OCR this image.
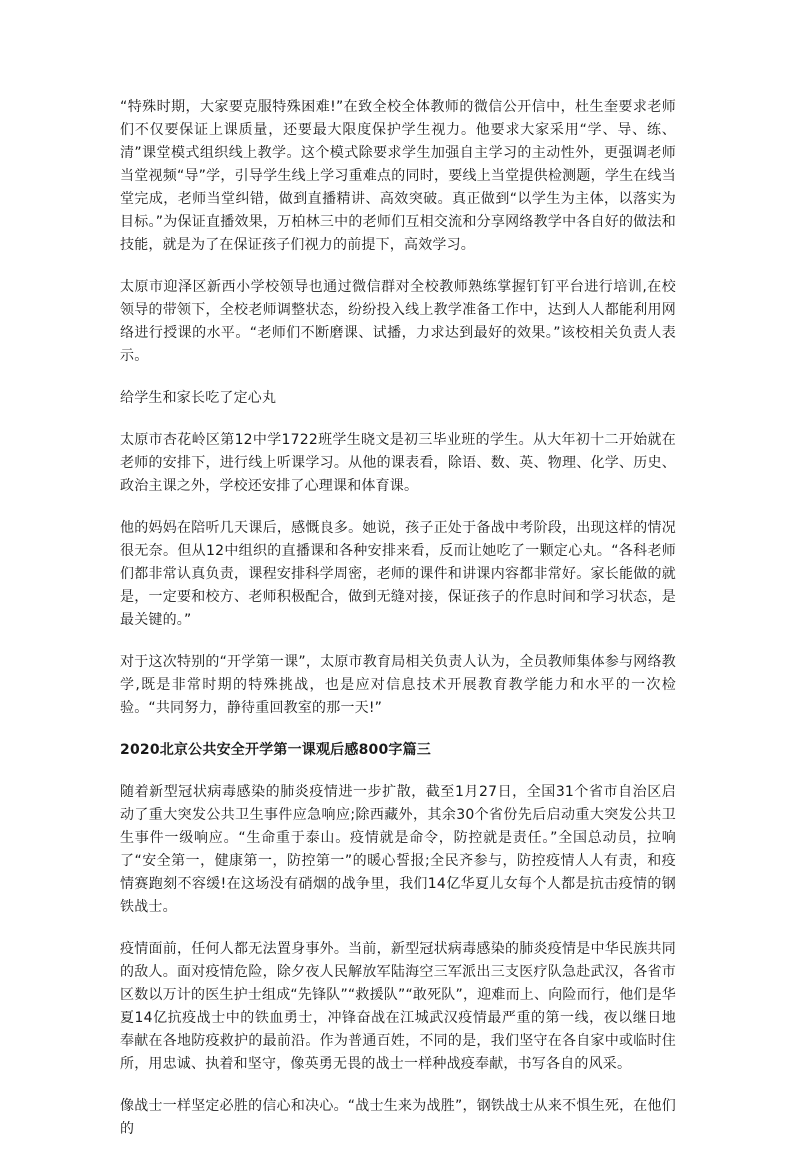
“特殊时期，大家要克服特殊困难!”在致全校全体教师的微信公开信中，杜生奎要求老师们不仅要保证上课质量，还要最大限度保护学生视力。他要求大家采用“学、导、练、清”课堂模式组织线上教学。这个模式除要求学生加强自主学习的主动性外，更强调老师当堂视频“导”学，引导学生线上学习重难点的同时，要线上当堂提供检测题，学生在线当堂完成，老师当堂纠错，做到直播精讲、高效突破。真正做到“以学生为主体，以落实为目标。”为保证直播效果，万柏林三中的老师们互相交流和分享网络教学中各自好的做法和技能，就是为了在保证孩子们视力的前提下，高效学习。

太原市迎泽区新西小学校领导也通过微信群对全校教师熟练掌握钉钉平台进行培训,在校领导的带领下，全校老师调整状态，纷纷投入线上教学准备工作中，达到人人都能利用网络进行授课的水平。“老师们不断磨课、试播，力求达到最好的效果。”该校相关负责人表示。

给学生和家长吃了定心丸

太原市杏花岭区第12中学1722班学生晓文是初三毕业班的学生。从大年初十二开始就在老师的安排下，进行线上听课学习。从他的课表看，除语、数、英、物理、化学、历史、政治主课之外，学校还安排了心理课和体育课。

他的妈妈在陪听几天课后，感慨良多。她说，孩子正处于备战中考阶段，出现这样的情况很无奈。但从12中组织的直播课和各种安排来看，反而让她吃了一颗定心丸。“各科老师们都非常认真负责，课程安排科学周密，老师的课件和讲课内容都非常好。家长能做的就是，一定要和校方、老师积极配合，做到无缝对接，保证孩子的作息时间和学习状态，是最关键的。”

对于这次特别的“开学第一课”，太原市教育局相关负责人认为，全员教师集体参与网络教学,既是非常时期的特殊挑战，也是应对信息技术开展教育教学能力和水平的一次检验。“共同努力，静待重回教室的那一天!”

2020北京公共安全开学第一课观后感800字篇三

随着新型冠状病毒感染的肺炎疫情进一步扩散，截至1月27日，全国31个省市自治区启动了重大突发公共卫生事件应急响应;除西藏外，其余30个省份先后启动重大突发公共卫生事件一级响应。“生命重于泰山。疫情就是命令，防控就是责任。”全国总动员，拉响了“安全第一，健康第一，防控第一”的暖心誓报;全民齐参与，防控疫情人人有责，和疫情赛跑刻不容缓!在这场没有硝烟的战争里，我们14亿华夏儿女每个人都是抗击疫情的钢铁战士。

疫情面前，任何人都无法置身事外。当前，新型冠状病毒感染的肺炎疫情是中华民族共同的敌人。面对疫情危险，除夕夜人民解放军陆海空三军派出三支医疗队急赴武汉，各省市区数以万计的医生护士组成“先锋队”“救援队”“敢死队”，迎难而上、向险而行，他们是华夏14亿抗疫战士中的铁血勇士，冲锋奋战在江城武汉疫情最严重的第一线，夜以继日地奉献在各地防疫救护的最前沿。作为普通百姓，不同的是，我们坚守在各自家中或临时住所，用忠诚、执着和坚守，像英勇无畏的战士一样种战疫奉献，书写各自的风采。

像战士一样坚定必胜的信心和决心。“战士生来为战胜”，钢铁战士从来不惧生死，在他们的
